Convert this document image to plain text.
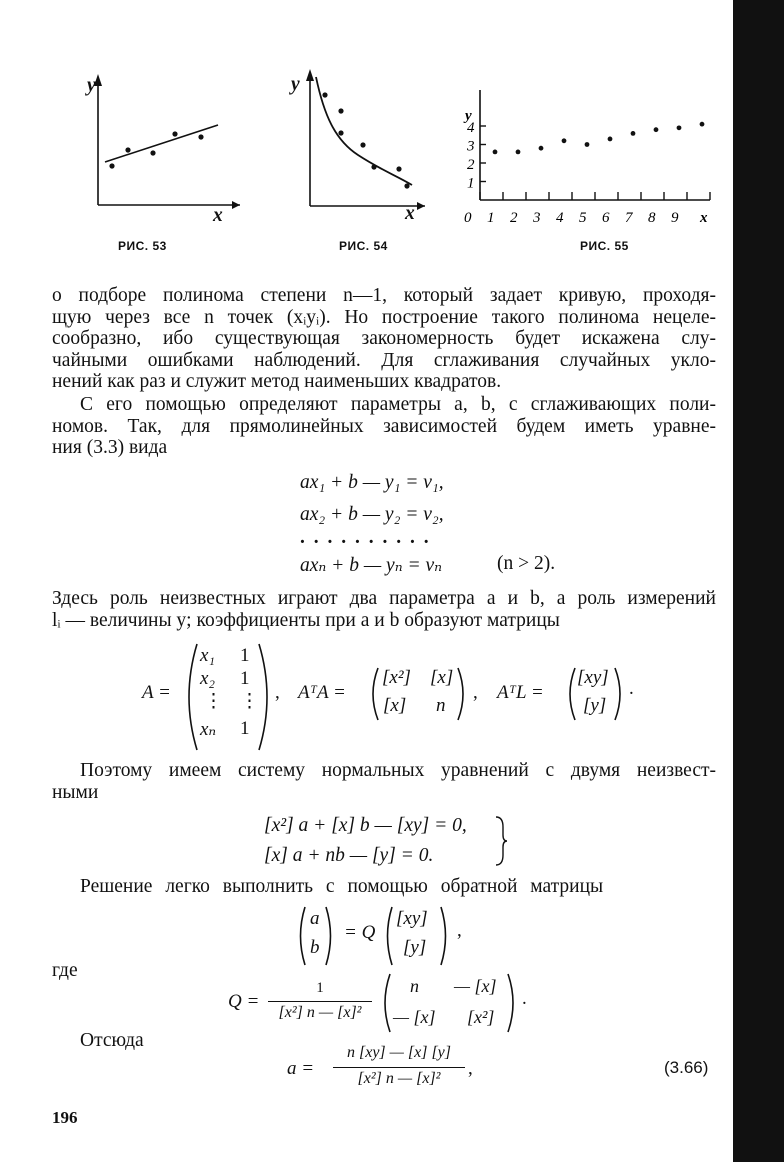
y
x
РИС. 53
y
x
РИС. 54
1
2
3
4
y
0 1 2 3 4 5 6 7 8 9 x
РИС. 55
о подборе полинома степени n—1, который задает кривую, проходя-
щую через все n точек (xᵢyᵢ). Но построение такого полинома нецеле-
сообразно, ибо существующая закономерность будет искажена слу-
чайными ошибками наблюдений. Для сглаживания случайных укло-
нений как раз и служит метод наименьших квадратов.
С его помощью определяют параметры a, b, c сглаживающих поли-
номов. Так, для прямолинейных зависимостей будем иметь уравне-
ния (3.3) вида
ax₁ + b — y₁ = v₁,
ax₂ + b — y₂ = v₂,
. . . . . . . . . .
axₙ + b — yₙ = vₙ	(n > 2).
Здесь роль неизвестных играют два параметра a и b, а роль измерений
lᵢ — величины y; коэффициенты при a и b образуют матрицы
A =
x₁ 1
x₂ 1
⋮ ⋮
xₙ 1
, AᵀA =
[x²] [x]
[x] n
, AᵀL =
[xy]
[y]
.
Поэтому имеем систему нормальных уравнений с двумя неизвест-
ными
[x²] a + [x] b — [xy] = 0,
[x] a + nb — [y] = 0.
Решение легко выполнить с помощью обратной матрицы
a
b
= Q
[xy]
[y]
,
где
Q =
1
[x²] n — [x]²
n — [x]
— [x] [x²]
.
Отсюда
a =
n [xy] — [x] [y]
[x²] n — [x]²	,	(3.66)
196
